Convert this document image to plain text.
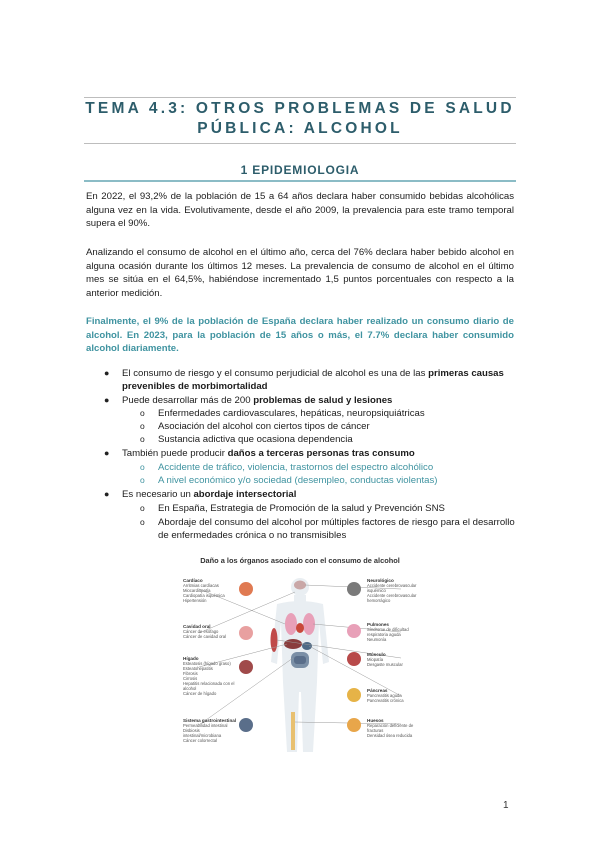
TEMA 4.3: OTROS PROBLEMAS DE SALUD
PÚBLICA: ALCOHOL
1 EPIDEMIOLOGIA
En 2022, el 93,2% de la población de 15 a 64 años declara haber consumido bebidas alcohólicas alguna vez en la vida. Evolutivamente, desde el año 2009, la prevalencia para este tramo temporal supera el 90%.
Analizando el consumo de alcohol en el último año, cerca del 76% declara haber bebido alcohol en alguna ocasión durante los últimos 12 meses. La prevalencia de consumo de alcohol en el último mes se sitúa en el 64,5%, habiéndose incrementado 1,5 puntos porcentuales con respecto a la anterior medición.
Finalmente, el 9% de la población de España declara haber realizado un consumo diario de alcohol. En 2023, para la población de 15 años o más, el 7.7% declara haber consumido alcohol diariamente.
● El consumo de riesgo y el consumo perjudicial de alcohol es una de las primeras causas prevenibles de morbimortalidad
● Puede desarrollar más de 200 problemas de salud y lesiones
o Enfermedades cardiovasculares, hepáticas, neuropsiquiátricas
o Asociación del alcohol con ciertos tipos de cáncer
o Sustancia adictiva que ocasiona dependencia
● También puede producir daños a terceras personas tras consumo
o Accidente de tráfico, violencia, trastornos del espectro alcohólico
o A nivel económico y/o sociedad (desempleo, conductas violentas)
● Es necesario un abordaje intersectorial
o En España, Estrategia de Promoción de la salud y Prevención SNS
o Abordaje del consumo del alcohol por múltiples factores de riesgo para el desarrollo de enfermedades crónica o no transmisibles
Daño a los órganos asociado con el consumo de alcohol
Cardíaco
Arritmias cardíacas
Miocardiopatía
Cardiopatía isquémica
Hipertensión
Cavidad oral
Cáncer de esófago
Cáncer de cavidad oral
Hígado
Esteatosis (hígado graso)
Esteatohepatitis
Fibrosis
Cirrosis
Hepatitis relacionada con el alcohol
Cáncer de hígado
Sistema gastrointestinal
Permeabilidad intestinal
Disbiosis intestinal/microbiana
Cáncer colorrectal
Neurológico
Accidente cerebrovascular isquémico
Accidente cerebrovascular hemorrágico
Pulmones
Síndrome de dificultad respiratoria aguda
Neumonía
Músculo
Miopatía
Desgaste muscular
Páncreas
Pancreatitis aguda
Pancreatitis crónica
Huesos
Reparación deficiente de fracturas
Densidad ósea reducida
1
